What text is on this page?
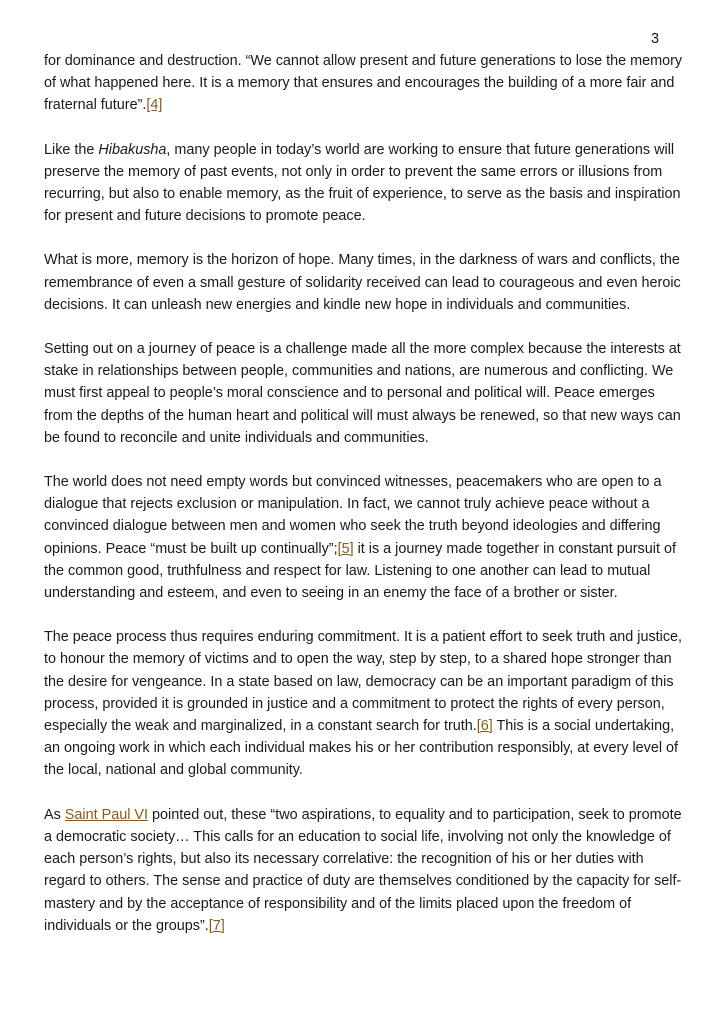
3

for dominance and destruction. “We cannot allow present and future generations to lose the memory of what happened here. It is a memory that ensures and encourages the building of a more fair and fraternal future”.[4]

Like the Hibakusha, many people in today’s world are working to ensure that future generations will preserve the memory of past events, not only in order to prevent the same errors or illusions from recurring, but also to enable memory, as the fruit of experience, to serve as the basis and inspiration for present and future decisions to promote peace.

What is more, memory is the horizon of hope. Many times, in the darkness of wars and conflicts, the remembrance of even a small gesture of solidarity received can lead to courageous and even heroic decisions. It can unleash new energies and kindle new hope in individuals and communities.

Setting out on a journey of peace is a challenge made all the more complex because the interests at stake in relationships between people, communities and nations, are numerous and conflicting. We must first appeal to people’s moral conscience and to personal and political will. Peace emerges from the depths of the human heart and political will must always be renewed, so that new ways can be found to reconcile and unite individuals and communities.

The world does not need empty words but convinced witnesses, peacemakers who are open to a dialogue that rejects exclusion or manipulation. In fact, we cannot truly achieve peace without a convinced dialogue between men and women who seek the truth beyond ideologies and differing opinions. Peace “must be built up continually”;[5] it is a journey made together in constant pursuit of the common good, truthfulness and respect for law. Listening to one another can lead to mutual understanding and esteem, and even to seeing in an enemy the face of a brother or sister.

The peace process thus requires enduring commitment. It is a patient effort to seek truth and justice, to honour the memory of victims and to open the way, step by step, to a shared hope stronger than the desire for vengeance. In a state based on law, democracy can be an important paradigm of this process, provided it is grounded in justice and a commitment to protect the rights of every person, especially the weak and marginalized, in a constant search for truth.[6] This is a social undertaking, an ongoing work in which each individual makes his or her contribution responsibly, at every level of the local, national and global community.

As Saint Paul VI pointed out, these “two aspirations, to equality and to participation, seek to promote a democratic society… This calls for an education to social life, involving not only the knowledge of each person’s rights, but also its necessary correlative: the recognition of his or her duties with regard to others. The sense and practice of duty are themselves conditioned by the capacity for self-mastery and by the acceptance of responsibility and of the limits placed upon the freedom of individuals or the groups”.[7]
